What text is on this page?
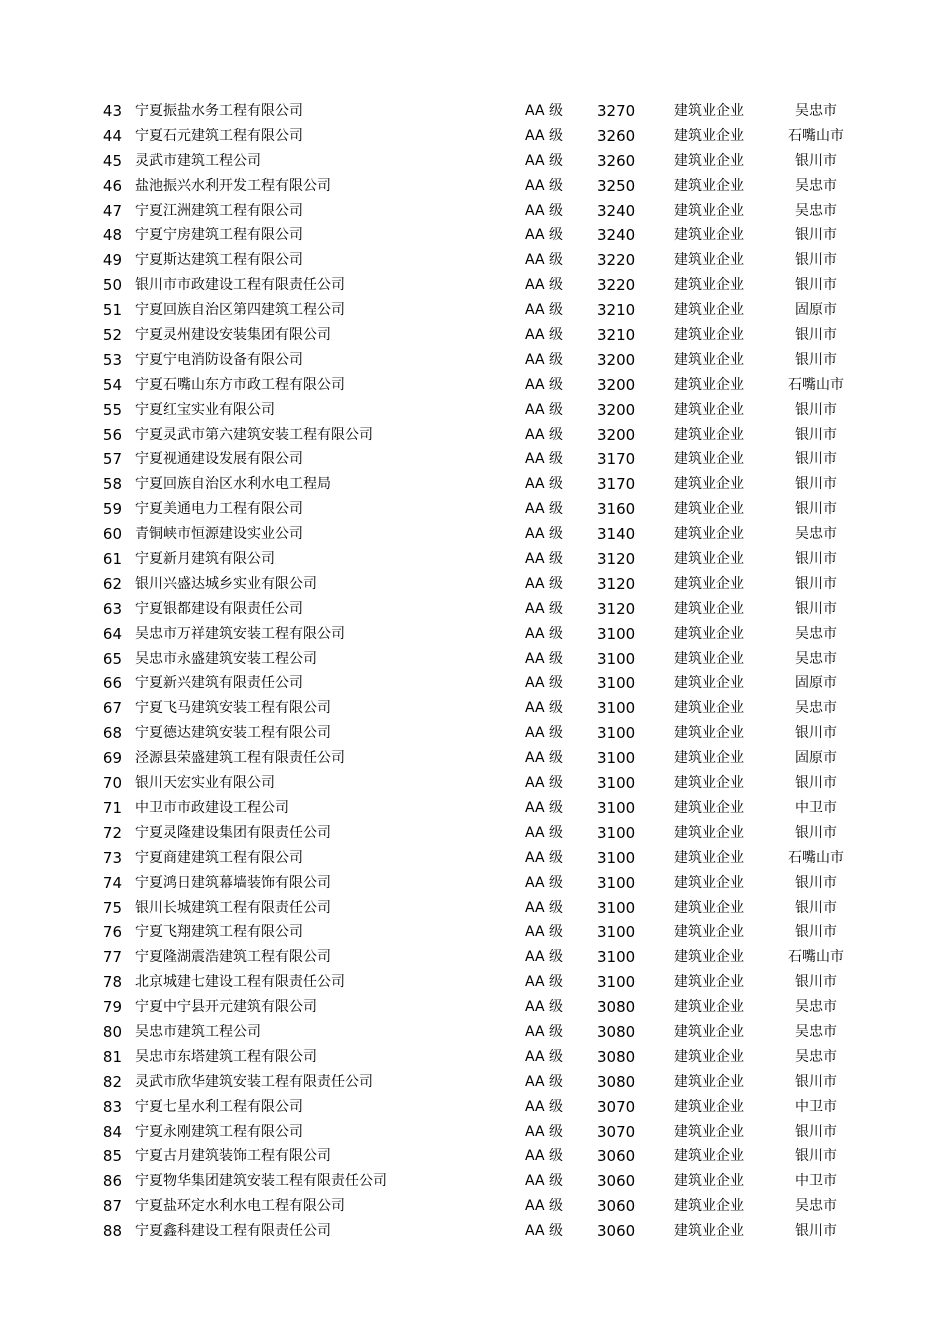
43 宁夏振盐水务工程有限公司	AA 级 3270	建筑业企业	吴忠市
44 宁夏石元建筑工程有限公司	AA 级 3260	建筑业企业	石嘴山市
45 灵武市建筑工程公司	AA 级 3260	建筑业企业	银川市
46 盐池振兴水利开发工程有限公司	AA 级 3250	建筑业企业	吴忠市
47 宁夏江洲建筑工程有限公司	AA 级 3240	建筑业企业	吴忠市
48 宁夏宁房建筑工程有限公司	AA 级 3240	建筑业企业	银川市
49 宁夏斯达建筑工程有限公司	AA 级 3220	建筑业企业	银川市
50 银川市市政建设工程有限责任公司	AA 级 3220	建筑业企业	银川市
51 宁夏回族自治区第四建筑工程公司	AA 级 3210	建筑业企业	固原市
52 宁夏灵州建设安装集团有限公司	AA 级 3210	建筑业企业	银川市
53 宁夏宁电消防设备有限公司	AA 级 3200	建筑业企业	银川市
54 宁夏石嘴山东方市政工程有限公司	AA 级 3200	建筑业企业	石嘴山市
55 宁夏红宝实业有限公司	AA 级 3200	建筑业企业	银川市
56 宁夏灵武市第六建筑安装工程有限公司	AA 级 3200	建筑业企业	银川市
57 宁夏视通建设发展有限公司	AA 级 3170	建筑业企业	银川市
58 宁夏回族自治区水利水电工程局	AA 级 3170	建筑业企业	银川市
59 宁夏美通电力工程有限公司	AA 级 3160	建筑业企业	银川市
60 青铜峡市恒源建设实业公司	AA 级 3140	建筑业企业	吴忠市
61 宁夏新月建筑有限公司	AA 级 3120	建筑业企业	银川市
62 银川兴盛达城乡实业有限公司	AA 级 3120	建筑业企业	银川市
63 宁夏银都建设有限责任公司	AA 级 3120	建筑业企业	银川市
64 吴忠市万祥建筑安装工程有限公司	AA 级 3100	建筑业企业	吴忠市
65 吴忠市永盛建筑安装工程公司	AA 级 3100	建筑业企业	吴忠市
66 宁夏新兴建筑有限责任公司	AA 级 3100	建筑业企业	固原市
67 宁夏飞马建筑安装工程有限公司	AA 级 3100	建筑业企业	吴忠市
68 宁夏德达建筑安装工程有限公司	AA 级 3100	建筑业企业	银川市
69 泾源县荣盛建筑工程有限责任公司	AA 级 3100	建筑业企业	固原市
70 银川天宏实业有限公司	AA 级 3100	建筑业企业	银川市
71 中卫市市政建设工程公司	AA 级 3100	建筑业企业	中卫市
72 宁夏灵隆建设集团有限责任公司	AA 级 3100	建筑业企业	银川市
73 宁夏商建建筑工程有限公司	AA 级 3100	建筑业企业	石嘴山市
74 宁夏鸿日建筑幕墙装饰有限公司	AA 级 3100	建筑业企业	银川市
75 银川长城建筑工程有限责任公司	AA 级 3100	建筑业企业	银川市
76 宁夏飞翔建筑工程有限公司	AA 级 3100	建筑业企业	银川市
77 宁夏隆湖震浩建筑工程有限公司	AA 级 3100	建筑业企业	石嘴山市
78 北京城建七建设工程有限责任公司	AA 级 3100	建筑业企业	银川市
79 宁夏中宁县开元建筑有限公司	AA 级 3080	建筑业企业	吴忠市
80 吴忠市建筑工程公司	AA 级 3080	建筑业企业	吴忠市
81 吴忠市东塔建筑工程有限公司	AA 级 3080	建筑业企业	吴忠市
82 灵武市欣华建筑安装工程有限责任公司	AA 级 3080	建筑业企业	银川市
83 宁夏七星水利工程有限公司	AA 级 3070	建筑业企业	中卫市
84 宁夏永刚建筑工程有限公司	AA 级 3070	建筑业企业	银川市
85 宁夏古月建筑装饰工程有限公司	AA 级 3060	建筑业企业	银川市
86 宁夏物华集团建筑安装工程有限责任公司	AA 级 3060	建筑业企业	中卫市
87 宁夏盐环定水利水电工程有限公司	AA 级 3060	建筑业企业	吴忠市
88 宁夏鑫科建设工程有限责任公司	AA 级 3060	建筑业企业	银川市
